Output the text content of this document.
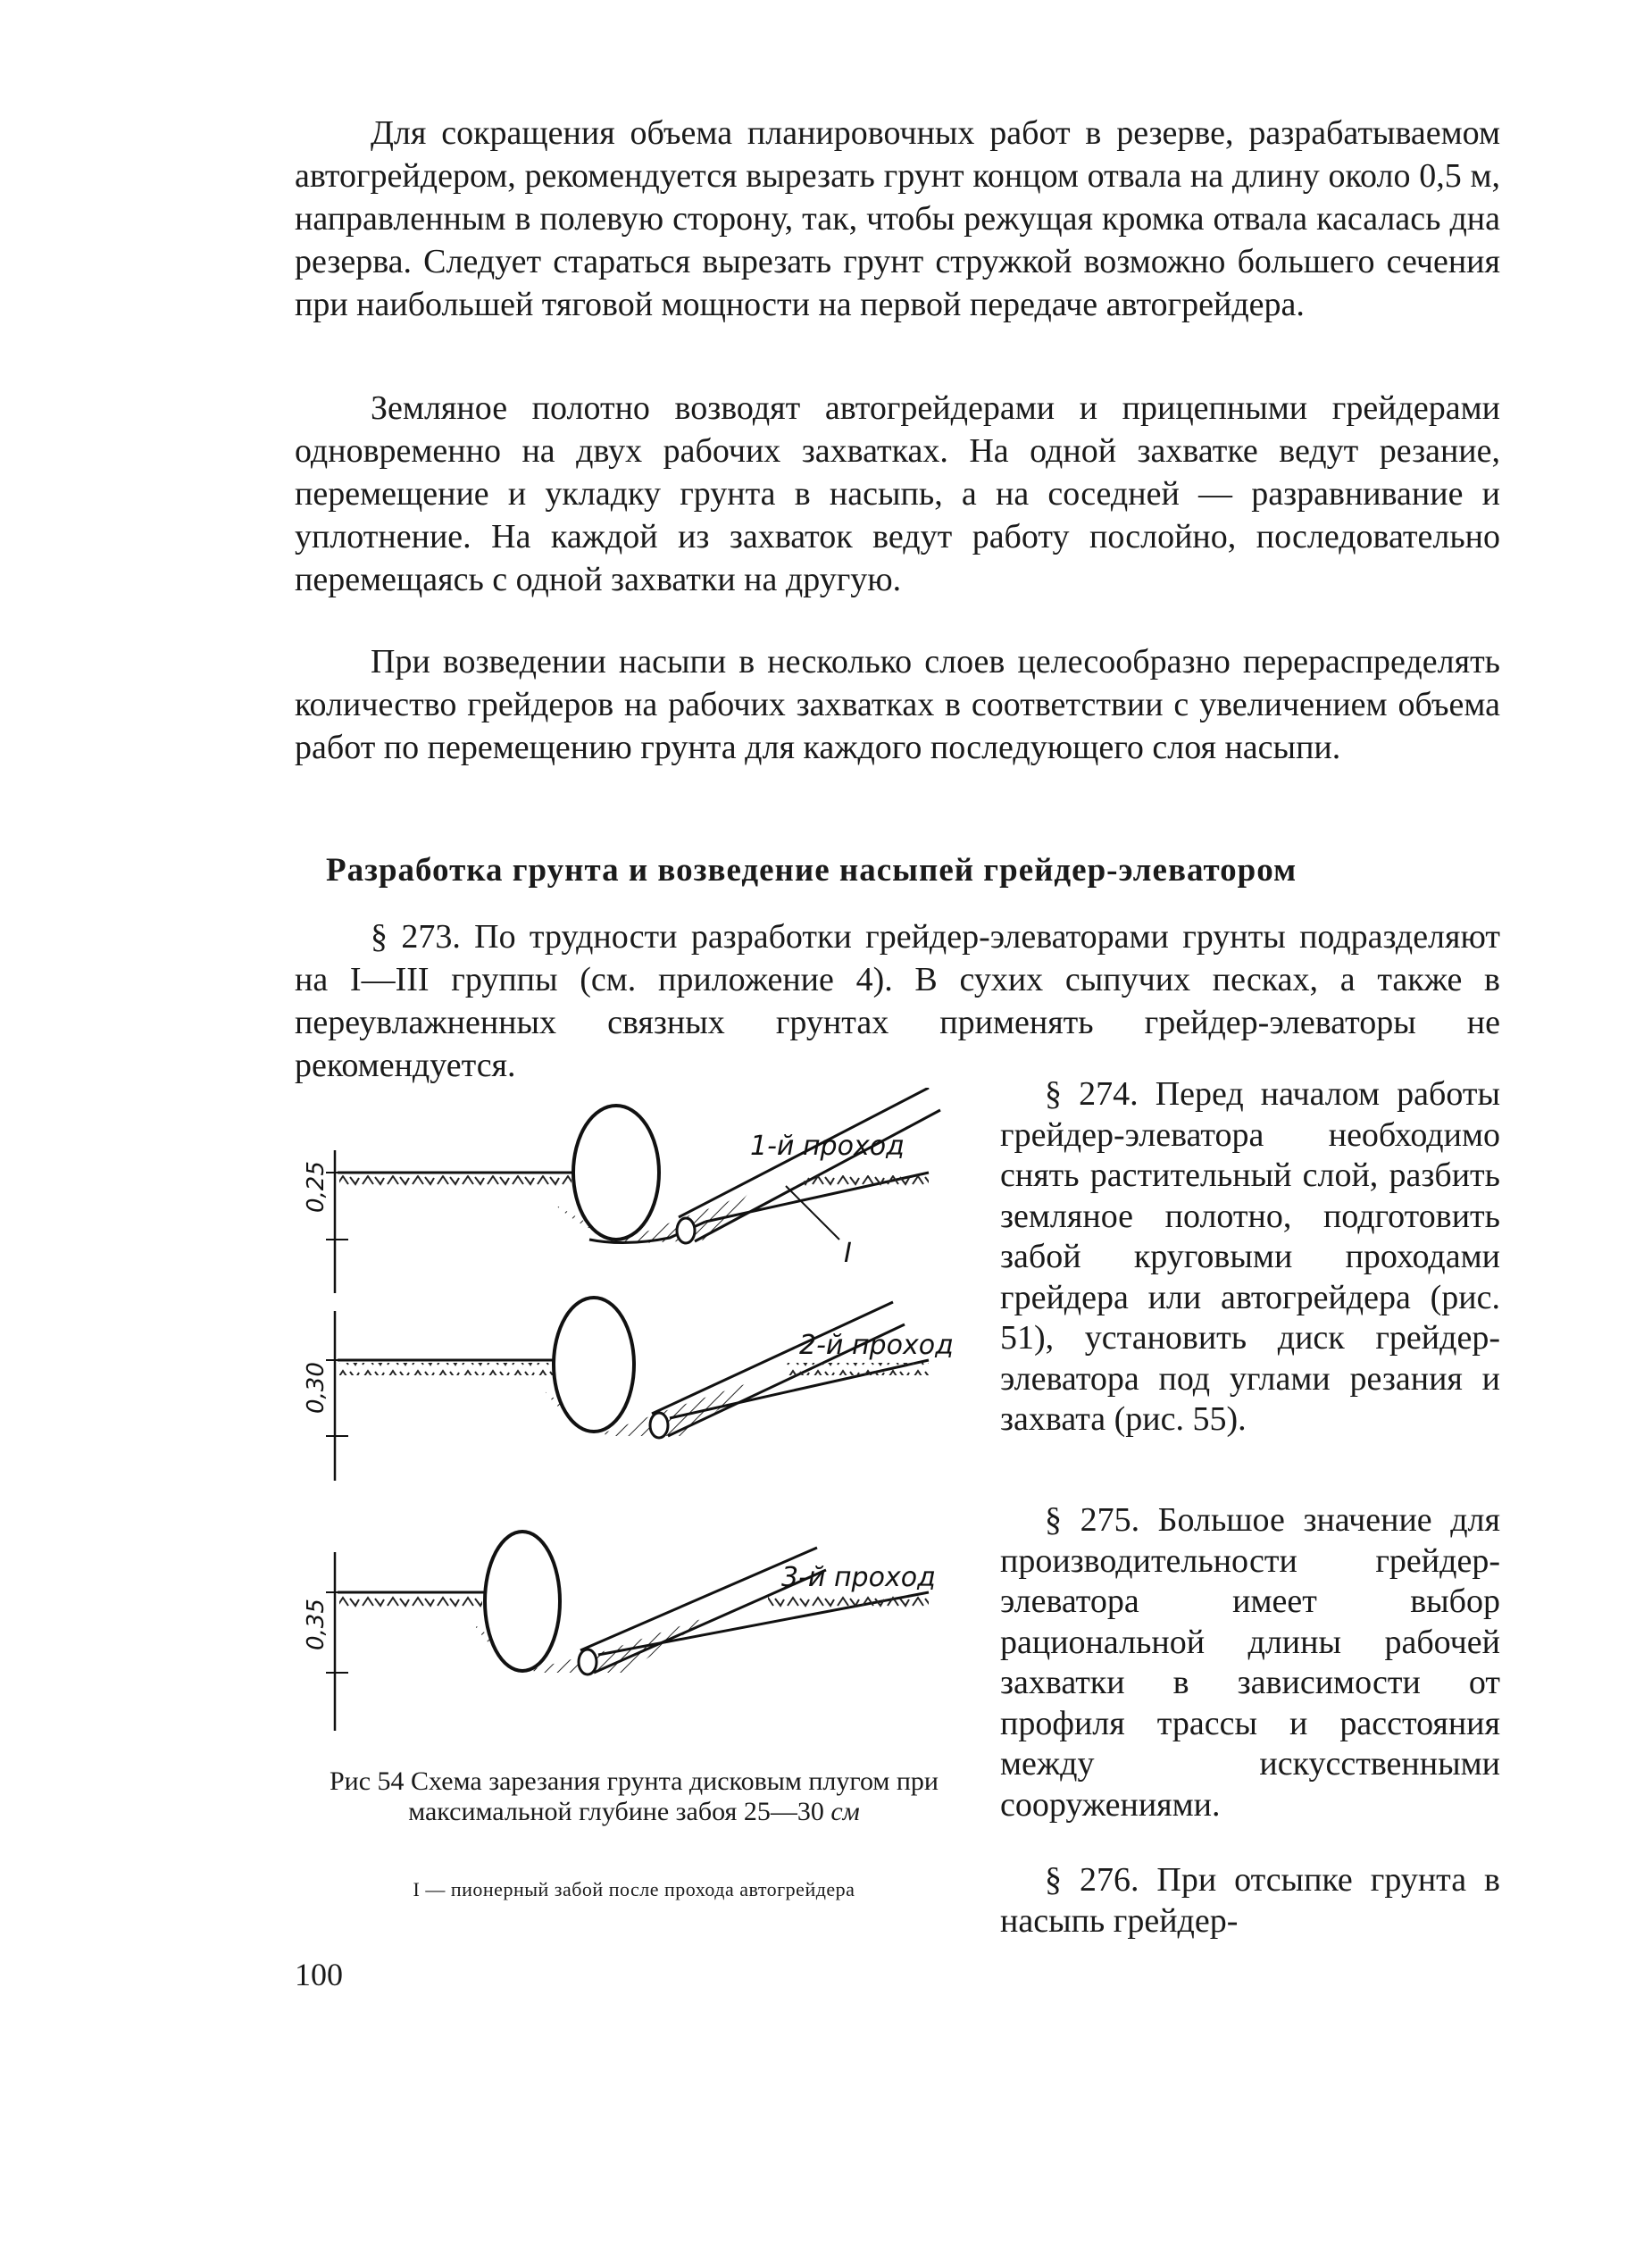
Для сокращения объема планировочных работ в резерве, разрабатываемом автогрейдером, рекомендуется вырезать грунт концом отвала на длину около 0,5 м, направленным в полевую сторону, так, чтобы режущая кромка отвала касалась дна резерва. Следует стараться вырезать грунт стружкой возможно большего сечения при наибольшей тяговой мощности на первой передаче автогрейдера.

Земляное полотно возводят автогрейдерами и прицепными грейдерами одновременно на двух рабочих захватках. На одной захватке ведут резание, перемещение и укладку грунта в насыпь, а на соседней — разравнивание и уплотнение. На каждой из захваток ведут работу послойно, последовательно перемещаясь с одной захватки на другую.

При возведении насыпи в несколько слоев целесообразно перераспределять количество грейдеров на рабочих захватках в соответствии с увеличением объема работ по перемещению грунта для каждого последующего слоя насыпи.

Разработка грунта и возведение насыпей грейдер-элеватором

§ 273. По трудности разработки грейдер-элеваторами грунты подразделяют на I—III группы (см. приложение 4). В сухих сыпучих песках, а также в переувлажненных связных грунтах применять грейдер-элеваторы не рекомендуется.

0,25
1-й проход
I
0,30
2-й проход
0,35
3-й проход
Рис 54 Схема зарезания грунта дисковым плугом при максимальной глубине забоя 25—30 см
I — пионерный забой после прохода автогрейдера

§ 274. Перед началом работы грейдер-элеватора необходимо снять растительный слой, разбить земляное полотно, подготовить забой круговыми проходами грейдера или автогрейдера (рис. 51), установить диск грейдер-элеватора под углами резания и захвата (рис. 55).

§ 275. Большое значение для производительности грейдер-элеватора имеет выбор рациональной длины рабочей захватки в зависимости от профиля трассы и расстояния между искусственными сооружениями.

§ 276. При отсыпке грунта в насыпь грейдер-

100
